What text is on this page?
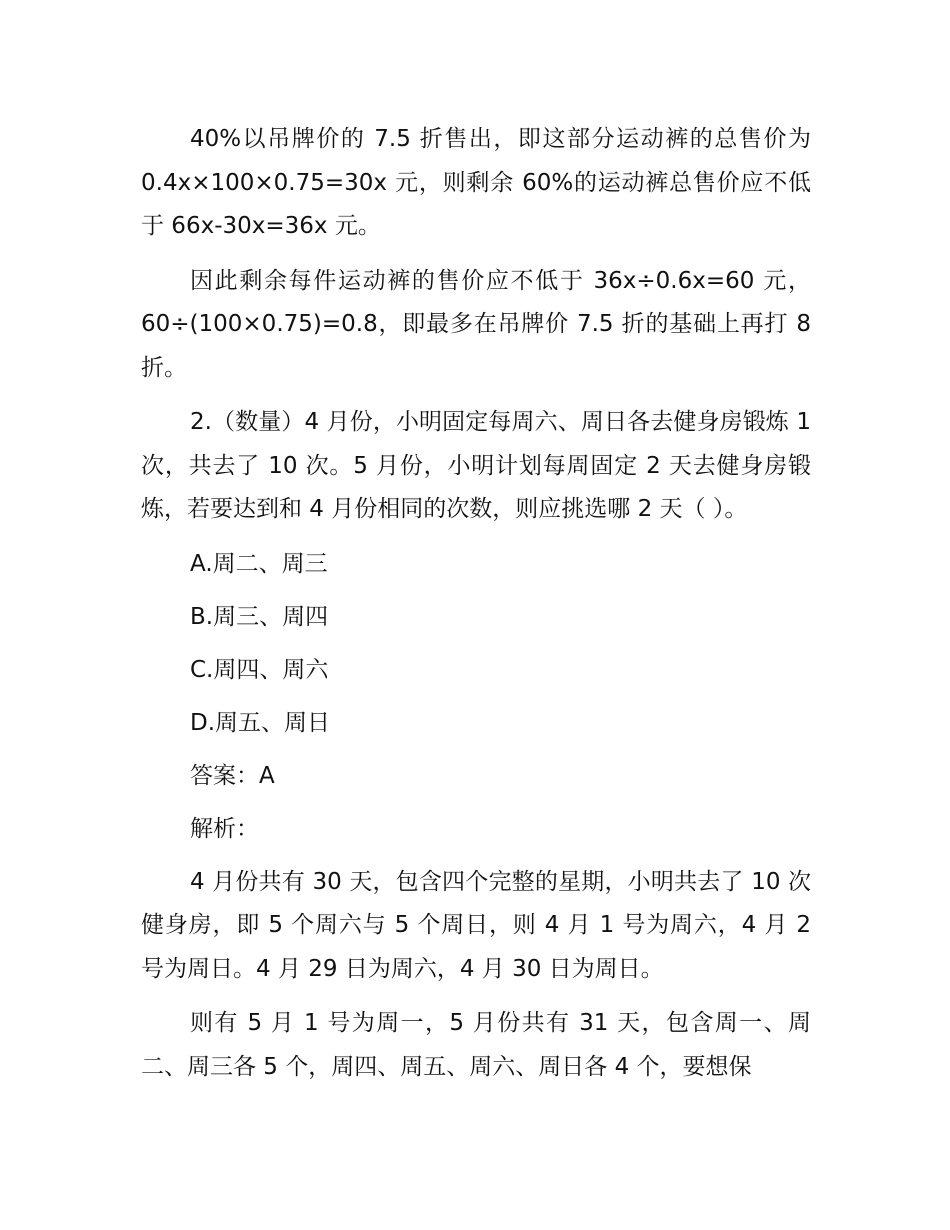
40%以吊牌价的 7.5 折售出，即这部分运动裤的总售价为 0.4x×100×0.75=30x 元，则剩余 60%的运动裤总售价应不低于 66x-30x=36x 元。

因此剩余每件运动裤的售价应不低于 36x÷0.6x=60 元，60÷(100×0.75)=0.8，即最多在吊牌价 7.5 折的基础上再打 8 折。

2.（数量）4 月份，小明固定每周六、周日各去健身房锻炼 1 次，共去了 10 次。5 月份，小明计划每周固定 2 天去健身房锻炼，若要达到和 4 月份相同的次数，则应挑选哪 2 天（ ）。

A.周二、周三
B.周三、周四
C.周四、周六
D.周五、周日
答案：A
解析：

4 月份共有 30 天，包含四个完整的星期，小明共去了 10 次健身房，即 5 个周六与 5 个周日，则 4 月 1 号为周六，4 月 2 号为周日。4 月 29 日为周六，4 月 30 日为周日。

则有 5 月 1 号为周一，5 月份共有 31 天，包含周一、周二、周三各 5 个，周四、周五、周六、周日各 4 个，要想保
